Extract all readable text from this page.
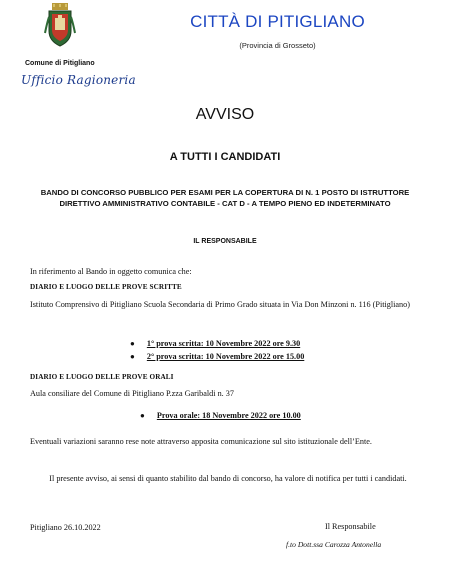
Comune di Pitigliano
Ufficio Ragioneria
CITTÀ DI PITIGLIANO
(Provincia di Grosseto)
AVVISO
A TUTTI I CANDIDATI
BANDO DI CONCORSO PUBBLICO PER ESAMI PER LA COPERTURA DI N. 1 POSTO DI ISTRUTTORE DIRETTIVO AMMINISTRATIVO CONTABILE - CAT D - A TEMPO PIENO ED INDETERMINATO
IL RESPONSABILE
In riferimento al Bando in oggetto comunica che:
DIARIO E LUOGO DELLE PROVE SCRITTE
Istituto Comprensivo di Pitigliano Scuola Secondaria di Primo Grado situata in Via Don Minzoni n. 116 (Pitigliano)
● 1° prova scritta: 10 Novembre 2022 ore 9.30
● 2° prova scritta: 10 Novembre 2022 ore 15.00
DIARIO E LUOGO DELLE PROVE ORALI
Aula consiliare del Comune di Pitigliano P.zza Garibaldi n. 37
● Prova orale: 18 Novembre 2022 ore 10.00
Eventuali variazioni saranno rese note attraverso apposita comunicazione sul sito istituzionale dell’Ente.
Il presente avviso, ai sensi di quanto stabilito dal bando di concorso, ha valore di notifica per tutti i candidati.
Pitigliano 26.10.2022	Il Responsabile
f.to Dott.ssa Carozza Antonella
